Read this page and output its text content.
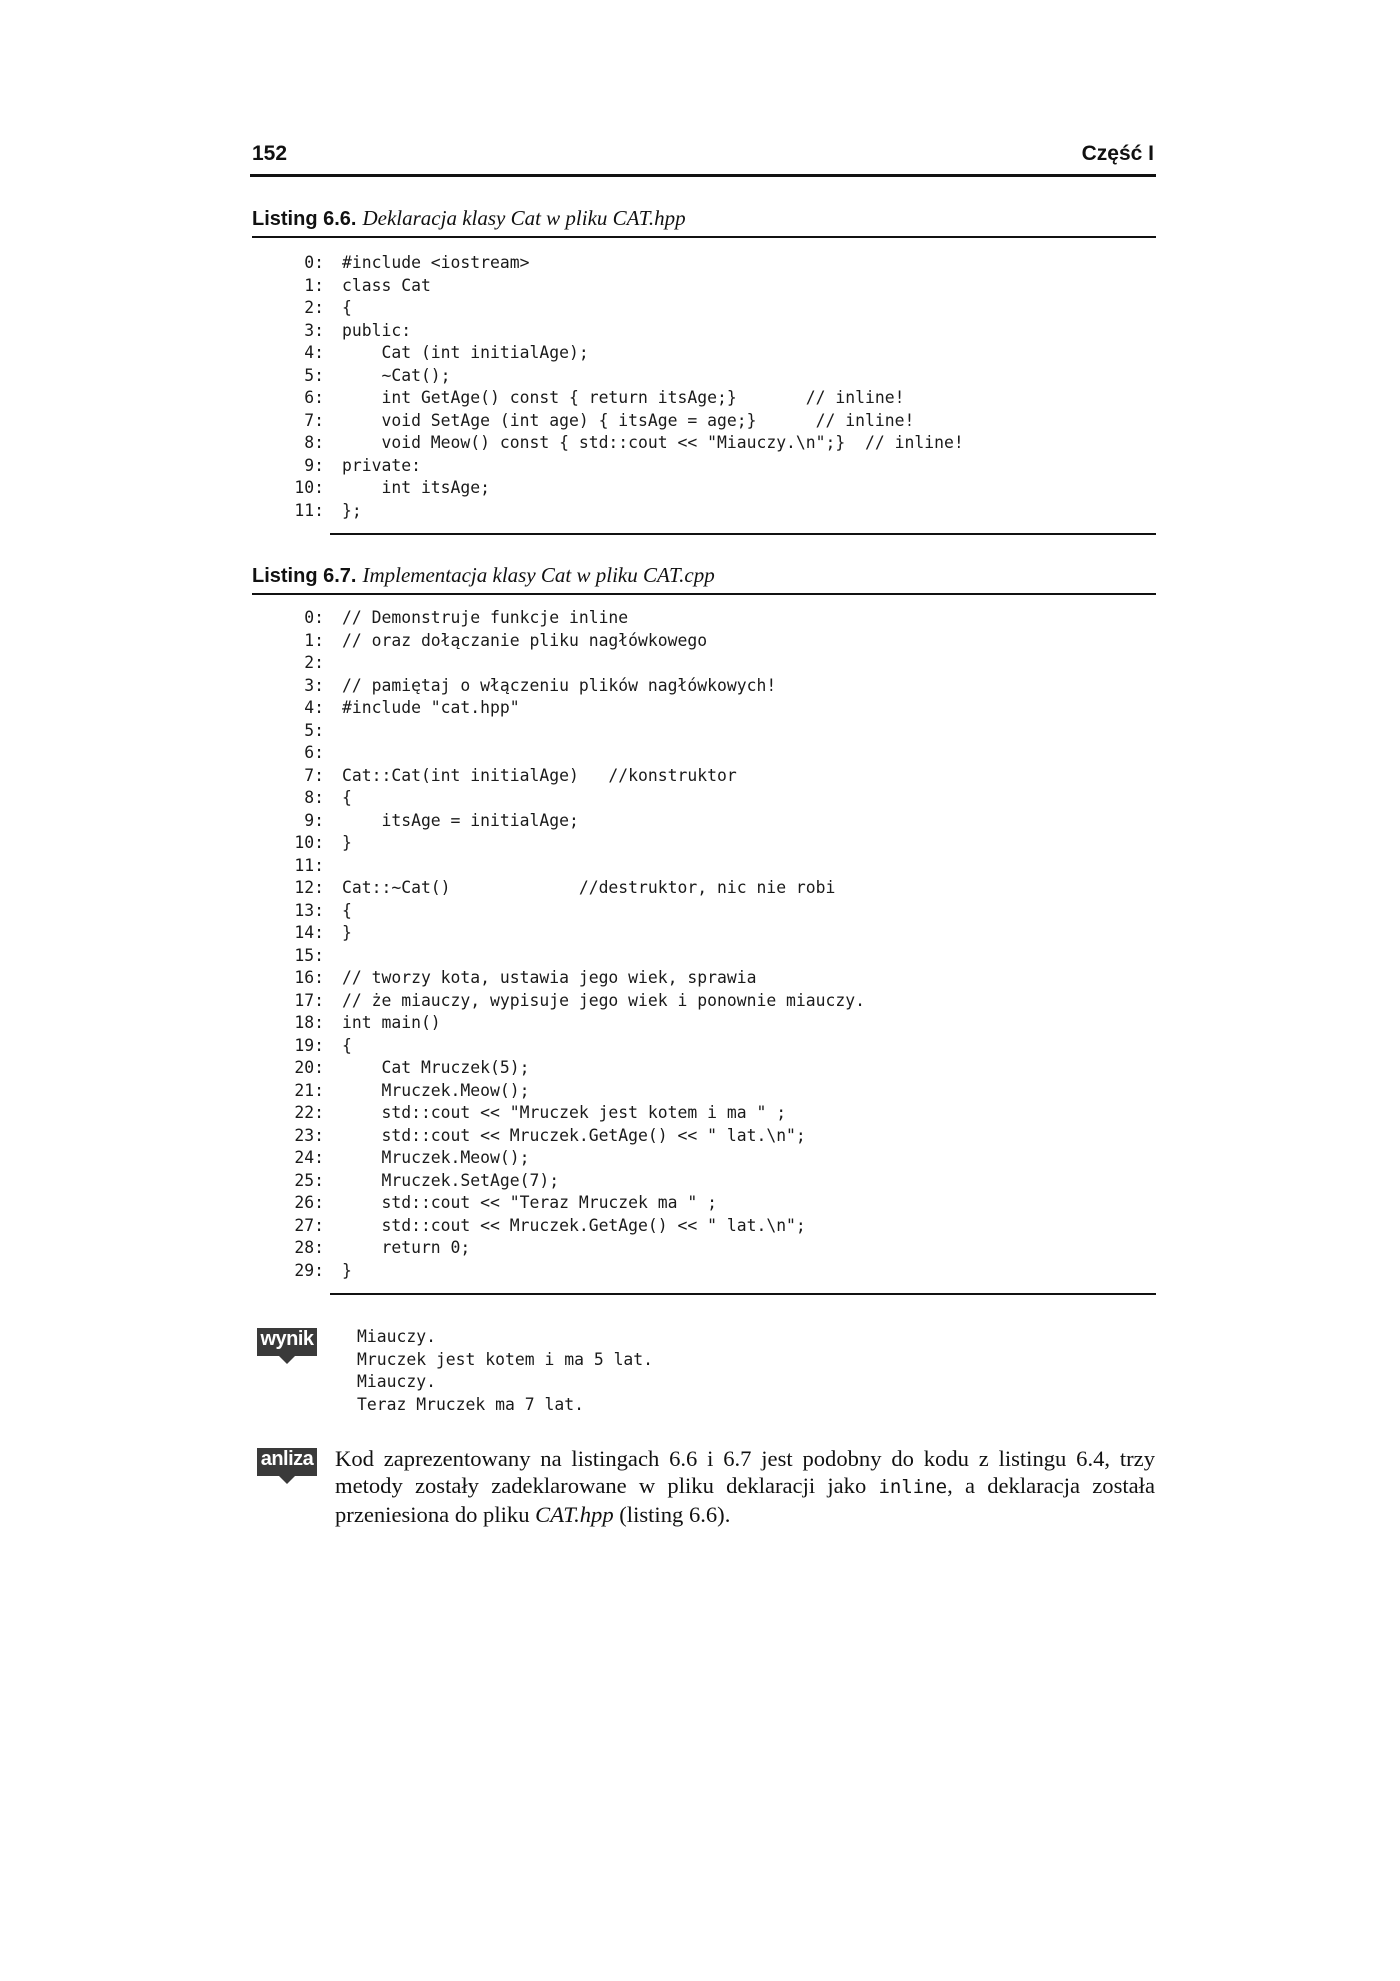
152	Część I
Listing 6.6. Deklaracja klasy Cat w pliku CAT.hpp
0: #include <iostream>
1: class Cat
2: {
3: public:
4:    Cat (int initialAge);
5:    ~Cat();
6:    int GetAge() const { return itsAge;}       // inline!
7:    void SetAge (int age) { itsAge = age;}      // inline!
8:    void Meow() const { std::cout << "Miauczy.\n";}  // inline!
9: private:
10:    int itsAge;
11: };
Listing 6.7. Implementacja klasy Cat w pliku CAT.cpp
0: // Demonstruje funkcje inline
1: // oraz dołączanie pliku nagłówkowego
2:
3: // pamiętaj o włączeniu plików nagłówkowych!
4: #include "cat.hpp"
5:
6:
7: Cat::Cat(int initialAge)   //konstruktor
8: {
9:    itsAge = initialAge;
10: }
11:
12: Cat::~Cat()             //destruktor, nic nie robi
13: {
14: }
15:
16: // tworzy kota, ustawia jego wiek, sprawia
17: // że miauczy, wypisuje jego wiek i ponownie miauczy.
18: int main()
19: {
20:    Cat Mruczek(5);
21:    Mruczek.Meow();
22:    std::cout << "Mruczek jest kotem i ma " ;
23:    std::cout << Mruczek.GetAge() << " lat.\n";
24:    Mruczek.Meow();
25:    Mruczek.SetAge(7);
26:    std::cout << "Teraz Mruczek ma " ;
27:    std::cout << Mruczek.GetAge() << " lat.\n";
28:    return 0;
29: }
wynik	Miauczy.
Mruczek jest kotem i ma 5 lat.
Miauczy.
Teraz Mruczek ma 7 lat.
anliza Kod zaprezentowany na listingach 6.6 i 6.7 jest podobny do kodu z listingu 6.4, trzy metody zostały zadeklarowane w pliku deklaracji jako inline, a deklaracja została przeniesiona do pliku CAT.hpp (listing 6.6).
